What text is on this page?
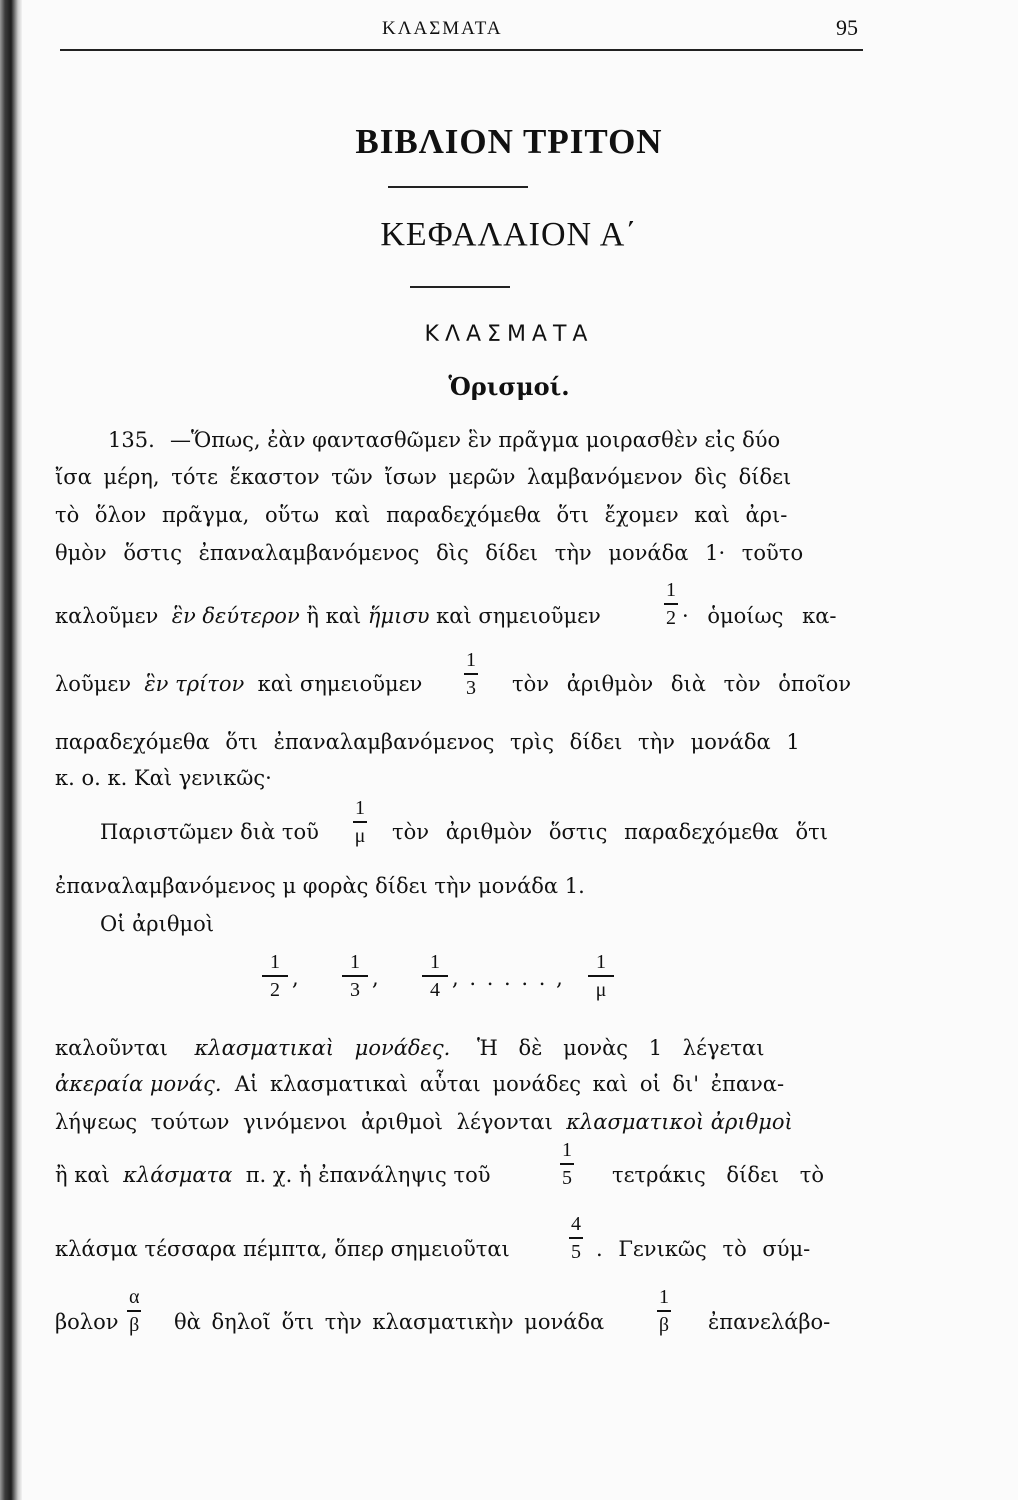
ΚΛΑΣΜΑΤΑ	95
ΒΙΒΛΙΟΝ ΤΡΙΤΟΝ
ΚΕΦΑΛΑΙΟΝ Α΄
ΚΛΑΣΜΑΤΑ
Ὁρισμοί.
135. —Ὅπως, ἐὰν φαντασθῶμεν ἓν πρᾶγμα μοιρασθὲν εἰς δύο
ἴσα μέρη, τότε ἕκαστον τῶν ἴσων μερῶν λαμβανόμενον δὶς δίδει
τὸ ὅλον πρᾶγμα, οὕτω καὶ παραδεχόμεθα ὅτι ἔχομεν καὶ ἀρι-
θμὸν ὅστις ἐπαναλαμβανόμενος δὶς δίδει τὴν μονάδα 1· τοῦτο
καλοῦμεν ἓν δεύτερον ἢ καὶ ἥμισυ καὶ σημειοῦμεν
1
2 · ὁμοίως κα-
λοῦμεν ἓν τρίτον καὶ σημειοῦμεν
1
3 τὸν ἀριθμὸν διὰ τὸν ὁποῖον
παραδεχόμεθα ὅτι ἐπαναλαμβανόμενος τρὶς δίδει τὴν μονάδα 1
κ. ο. κ. Καὶ γενικῶς·
Παριστῶμεν διὰ τοῦ
1
μ τὸν ἀριθμὸν ὅστις παραδεχόμεθα ὅτι
ἐπαναλαμβανόμενος μ φορὰς δίδει τὴν μονάδα 1.
Οἱ ἀριθμοὶ
1
2 ,
1
3 ,
1
4 , . . . . . ,
1
μ
καλοῦνται κλασματικαὶ μονάδες. Ἡ δὲ μονὰς 1 λέγεται
ἀκεραία μονάς. Αἱ κλασματικαὶ αὗται μονάδες καὶ οἱ δι' ἐπανα-
λήψεως τούτων γινόμενοι ἀριθμοὶ λέγονται κλασματικοὶ ἀριθμοὶ
ἢ καὶ κλάσματα π. χ. ἡ ἐπανάληψις τοῦ
1
5 τετράκις δίδει τὸ
κλάσμα τέσσαρα πέμπτα, ὅπερ σημειοῦται
4
5 . Γενικῶς τὸ σύμ-
βολον
α
β θὰ δηλοῖ ὅτι τὴν κλασματικὴν μονάδα
1
β ἐπανελάβο-
